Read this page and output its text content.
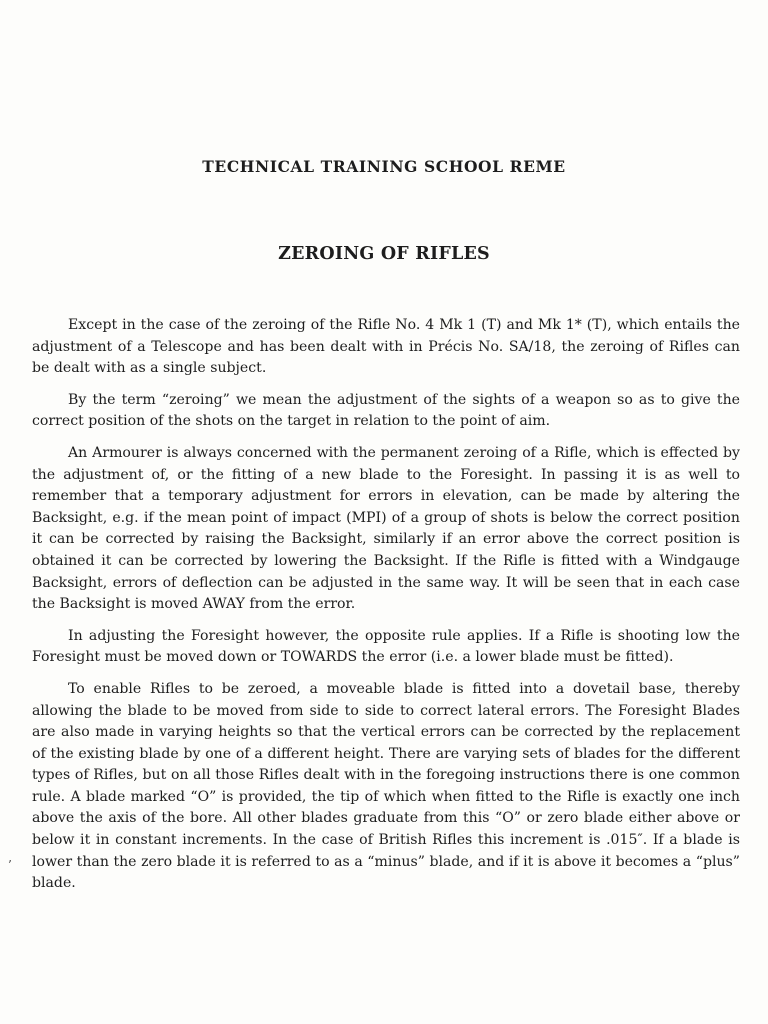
TECHNICAL TRAINING SCHOOL REME
ZEROING OF RIFLES

Except in the case of the zeroing of the Rifle No. 4 Mk 1 (T) and Mk 1* (T), which entails the adjustment of a Telescope and has been dealt with in Précis No. SA/18, the zeroing of Rifles can be dealt with as a single subject.

By the term “zeroing” we mean the adjustment of the sights of a weapon so as to give the correct position of the shots on the target in relation to the point of aim.

An Armourer is always concerned with the permanent zeroing of a Rifle, which is effected by the adjustment of, or the fitting of a new blade to the Foresight. In passing it is as well to remember that a temporary adjustment for errors in elevation, can be made by altering the Backsight, e.g. if the mean point of impact (MPI) of a group of shots is below the correct position it can be corrected by raising the Backsight, similarly if an error above the correct position is obtained it can be corrected by lowering the Backsight. If the Rifle is fitted with a Windgauge Backsight, errors of deflection can be adjusted in the same way. It will be seen that in each case the Backsight is moved AWAY from the error.

In adjusting the Foresight however, the opposite rule applies. If a Rifle is shooting low the Foresight must be moved down or TOWARDS the error (i.e. a lower blade must be fitted).

To enable Rifles to be zeroed, a moveable blade is fitted into a dovetail base, thereby allowing the blade to be moved from side to side to correct lateral errors. The Foresight Blades are also made in varying heights so that the vertical errors can be corrected by the replacement of the existing blade by one of a different height. There are varying sets of blades for the different types of Rifles, but on all those Rifles dealt with in the foregoing instructions there is one common rule. A blade marked “O” is provided, the tip of which when fitted to the Rifle is exactly one inch above the axis of the bore. All other blades graduate from this “O” or zero blade either above or below it in constant increments. In the case of British Rifles this increment is .015″. If a blade is lower than the zero blade it is referred to as a “minus” blade, and if it is above it becomes a “plus” blade.

’
